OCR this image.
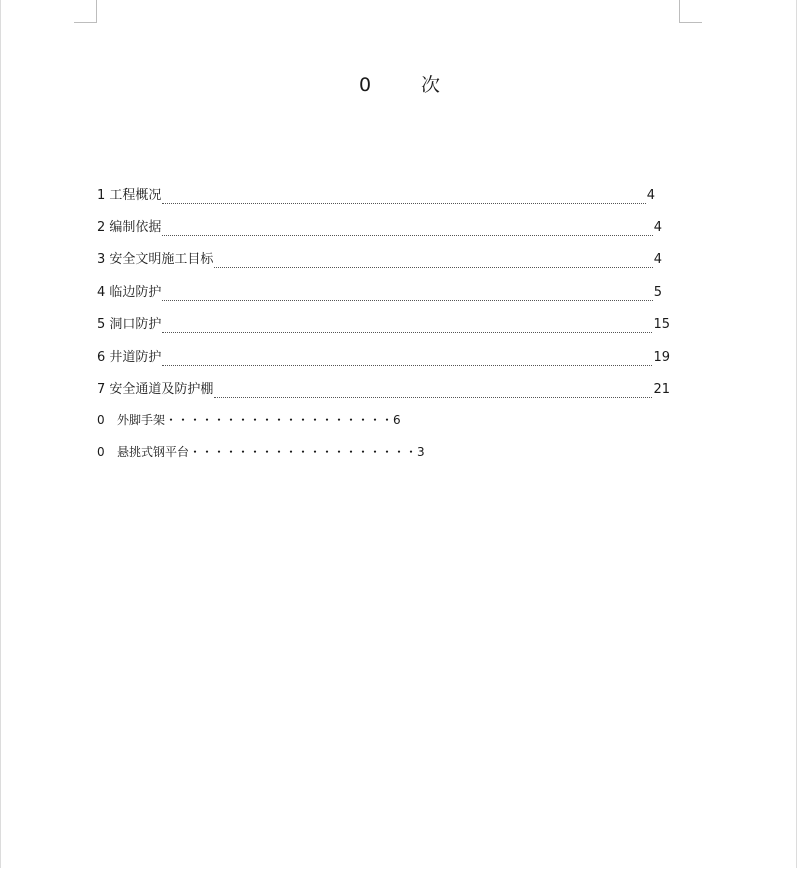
0	次
1 工程概况	4
2 编制依据	4
3 安全文明施工目标	4
4 临边防护	5
5 洞口防护	15
6 井道防护	19
7 安全通道及防护棚	21
0	外脚手架 ・・・・・・・・・・・・・・・・・・・ 6
0	悬挑式钢平台 ・・・・・・・・・・・・・・・・・・・ 3
